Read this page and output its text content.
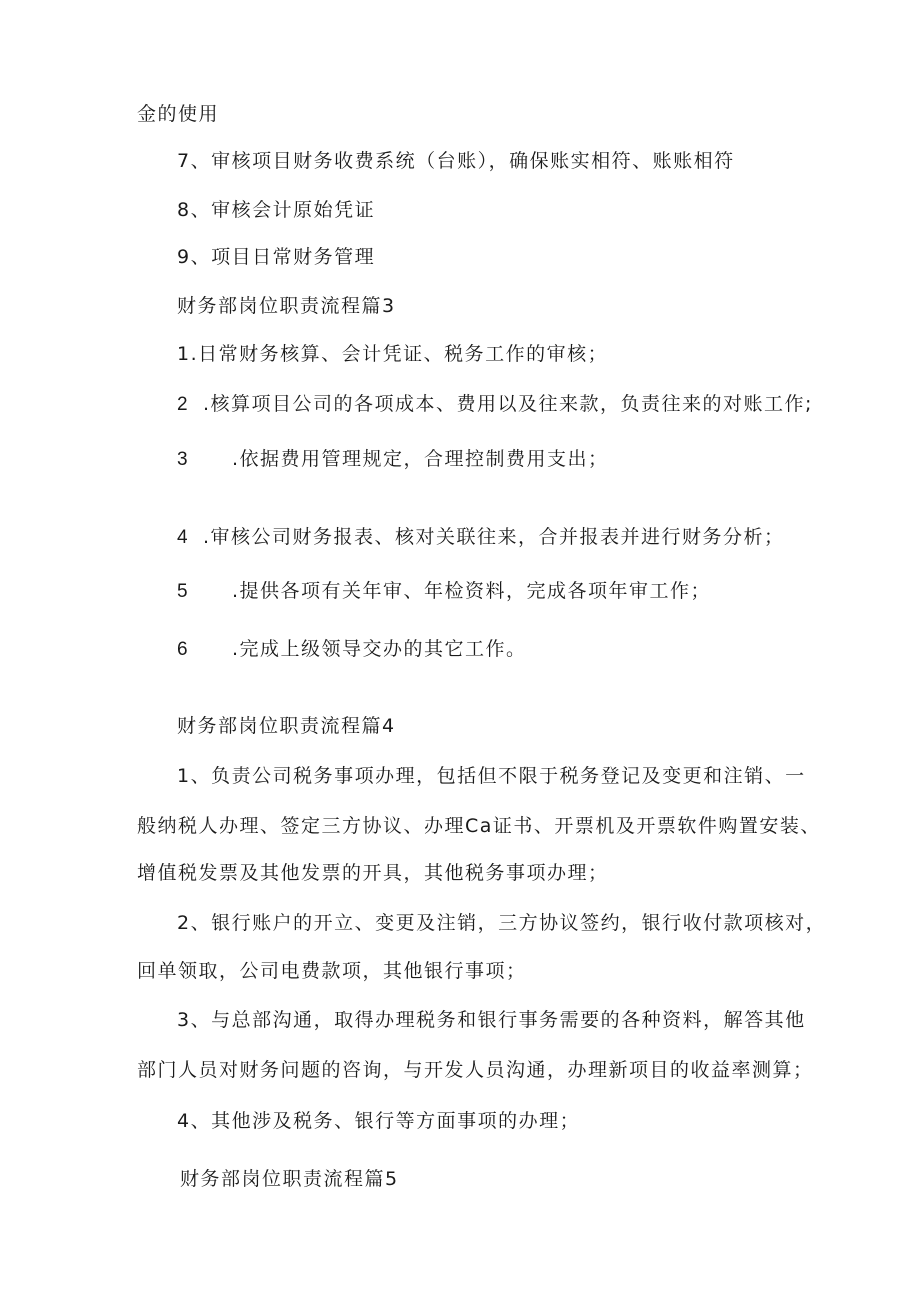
金的使用
7、审核项目财务收费系统（台账），确保账实相符、账账相符
8、审核会计原始凭证
9、项目日常财务管理
财务部岗位职责流程篇3
1.日常财务核算、会计凭证、税务工作的审核；
2 .核算项目公司的各项成本、费用以及往来款，负责往来的对账工作;
3 .依据费用管理规定，合理控制费用支出；
4 .审核公司财务报表、核对关联往来，合并报表并进行财务分析；
5 .提供各项有关年审、年检资料，完成各项年审工作；
6 .完成上级领导交办的其它工作。
财务部岗位职责流程篇4
1、负责公司税务事项办理，包括但不限于税务登记及变更和注销、一
般纳税人办理、签定三方协议、办理Ca证书、开票机及开票软件购置安装、
增值税发票及其他发票的开具，其他税务事项办理；
2、银行账户的开立、变更及注销，三方协议签约，银行收付款项核对，
回单领取，公司电费款项，其他银行事项；
3、与总部沟通，取得办理税务和银行事务需要的各种资料，解答其他
部门人员对财务问题的咨询，与开发人员沟通，办理新项目的收益率测算；
4、其他涉及税务、银行等方面事项的办理；
财务部岗位职责流程篇5
